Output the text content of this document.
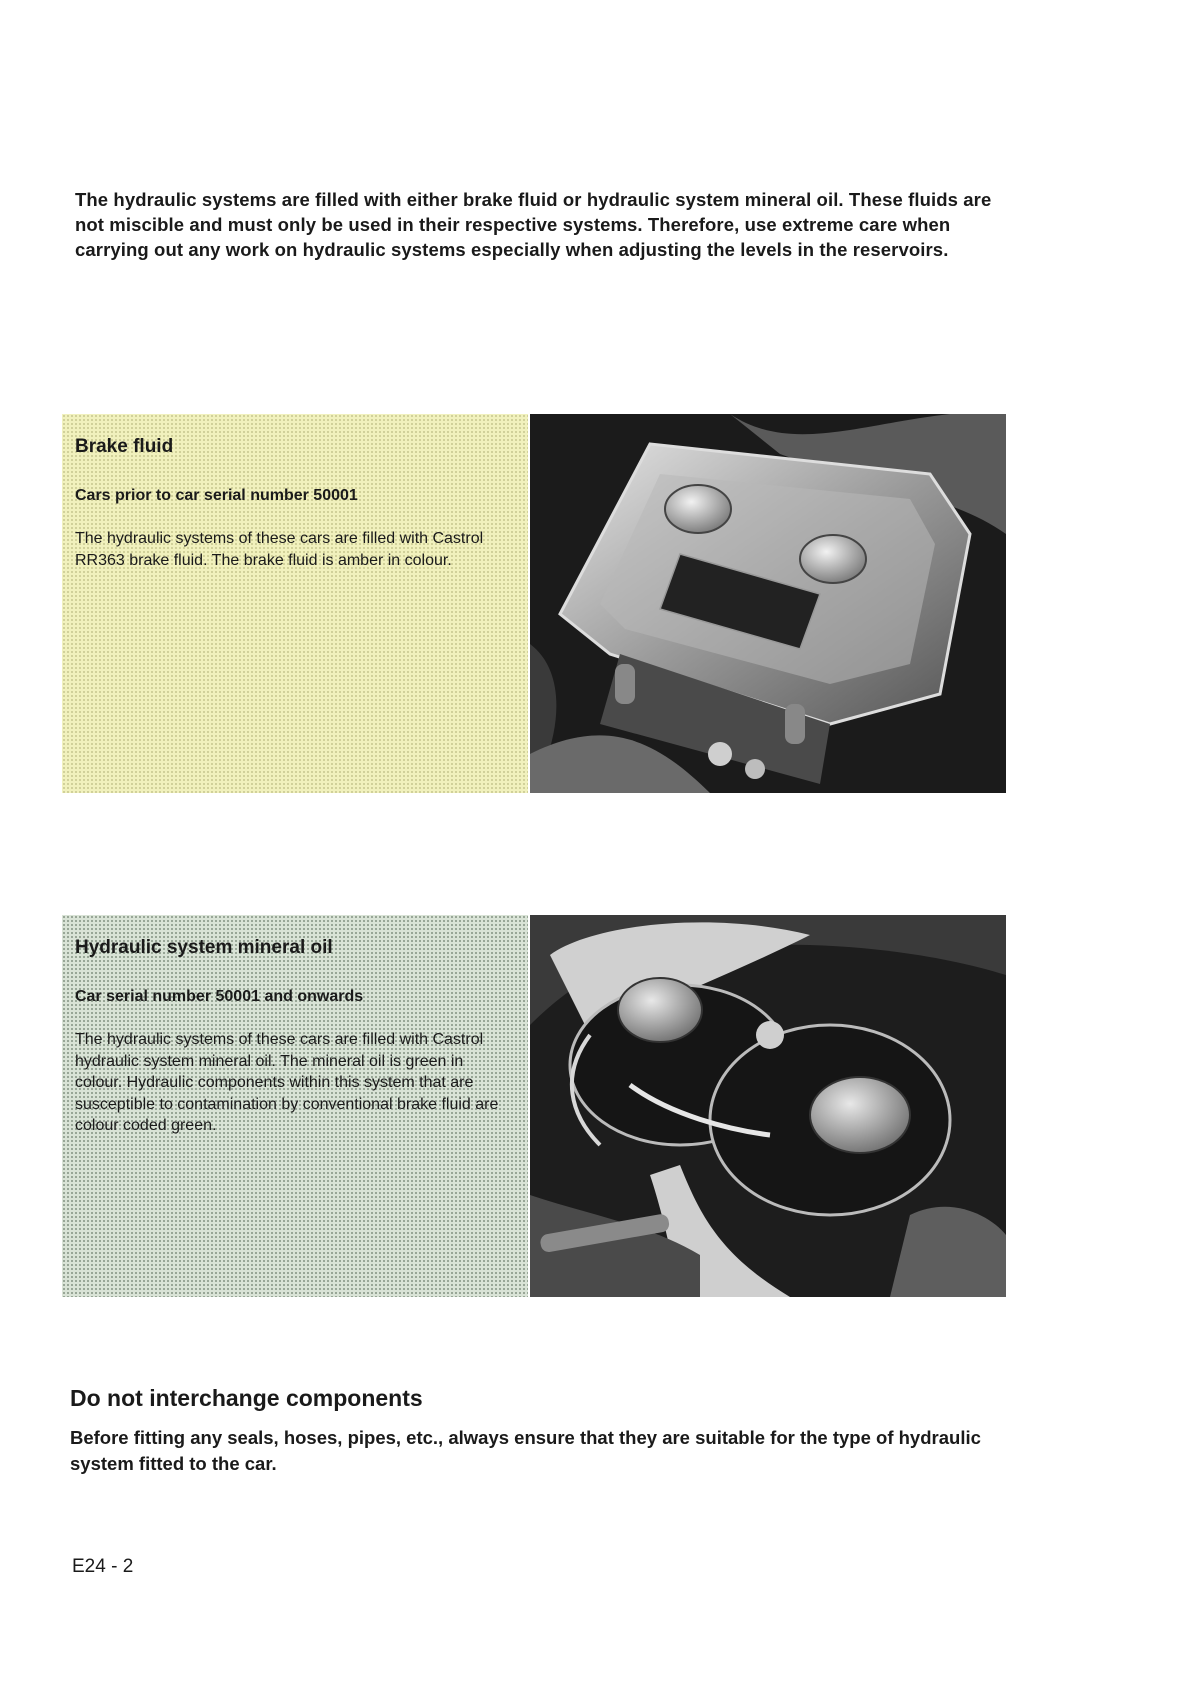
The hydraulic systems are filled with either brake fluid or hydraulic system mineral oil. These fluids are not miscible and must only be used in their respective systems. Therefore, use extreme care when carrying out any work on hydraulic systems especially when adjusting the levels in the reservoirs.
Brake fluid
Cars prior to car serial number 50001
The hydraulic systems of these cars are filled with Castrol RR363 brake fluid. The brake fluid is amber in colour.
Hydraulic system mineral oil
Car serial number 50001 and onwards
The hydraulic systems of these cars are filled with Castrol hydraulic system mineral oil. The mineral oil is green in colour. Hydraulic components within this system that are susceptible to contamination by conventional brake fluid are colour coded green.
Do not interchange components
Before fitting any seals, hoses, pipes, etc., always ensure that they are suitable for the type of hydraulic system fitted to the car.
E24 - 2
